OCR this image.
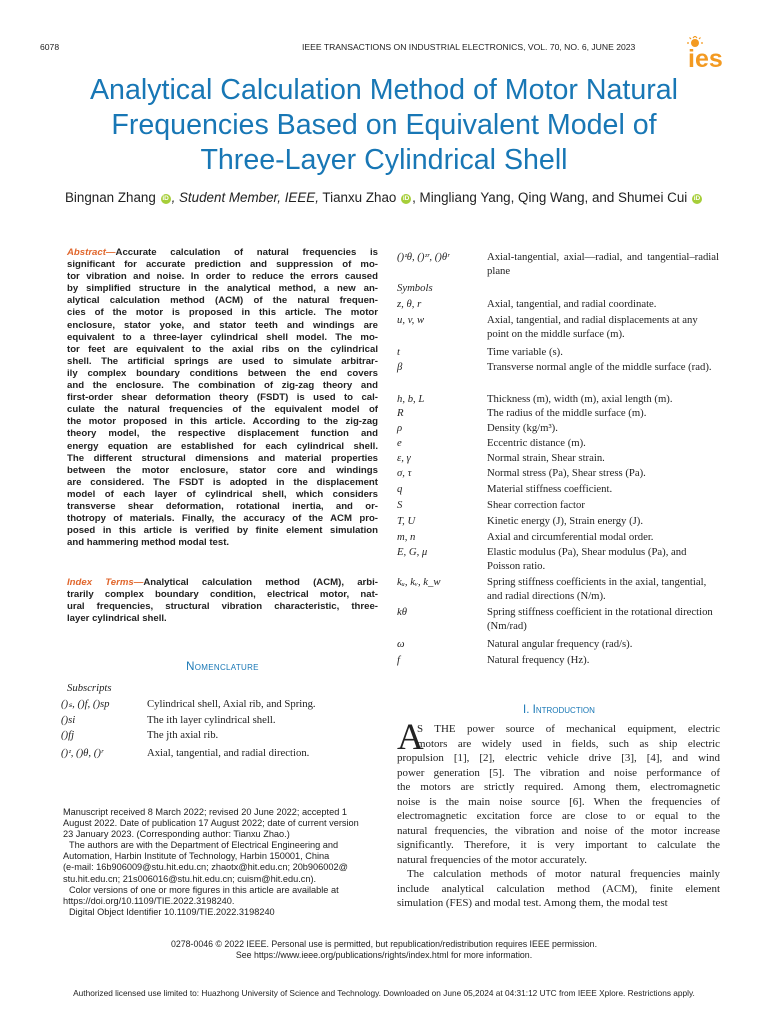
6078	IEEE TRANSACTIONS ON INDUSTRIAL ELECTRONICS, VOL. 70, NO. 6, JUNE 2023 ies
Analytical Calculation Method of Motor Natural
Frequencies Based on Equivalent Model of
Three-Layer Cylindrical Shell
Bingnan Zhang iD , Student Member, IEEE, Tianxu Zhao iD , Mingliang Yang, Qing Wang, and Shumei Cui iD
Abstract—Accurate calculation of natural frequencies is
significant for accurate prediction and suppression of mo-
tor vibration and noise. In order to reduce the errors caused
by simplified structure in the analytical method, a new an-
alytical calculation method (ACM) of the natural frequen-
cies of the motor is proposed in this article. The motor
enclosure, stator yoke, and stator teeth and windings are
equivalent to a three-layer cylindrical shell model. The mo-
tor feet are equivalent to the axial ribs on the cylindrical
shell. The artificial springs are used to simulate arbitrar-
ily complex boundary conditions between the end covers
and the enclosure. The combination of zig-zag theory and
first-order shear deformation theory (FSDT) is used to cal-
culate the natural frequencies of the equivalent model of
the motor proposed in this article. According to the zig-zag
theory model, the respective displacement function and
energy equation are established for each cylindrical shell.
The different structural dimensions and material properties
between the motor enclosure, stator core and windings
are considered. The FSDT is adopted in the displacement
model of each layer of cylindrical shell, which considers
transverse shear deformation, rotational inertia, and or-
thotropy of materials. Finally, the accuracy of the ACM pro-
posed in this article is verified by finite element simulation
and hammering method modal test.
Index Terms—Analytical calculation method (ACM), arbi-
trarily complex boundary condition, electrical motor, nat-
ural frequencies, structural vibration characteristic, three-
layer cylindrical shell.
Nomenclature
Subscripts
()ₛ, ()f, ()sp	Cylindrical shell, Axial rib, and Spring.
()si	The ith layer cylindrical shell.
()fj	The jth axial rib.
()ᶻ, ()θ, ()ʳ	Axial, tangential, and radial direction.
Manuscript received 8 March 2022; revised 20 June 2022; accepted 1
August 2022. Date of publication 17 August 2022; date of current version
23 January 2023. (Corresponding author: Tianxu Zhao.)
The authors are with the Department of Electrical Engineering and
Automation, Harbin Institute of Technology, Harbin 150001, China
(e-mail: 16b906009@stu.hit.edu.cn; zhaotx@hit.edu.cn; 20b906002@
stu.hit.edu.cn; 21s006016@stu.hit.edu.cn; cuism@hit.edu.cn).
Color versions of one or more figures in this article are available at
https://doi.org/10.1109/TIE.2022.3198240.
Digital Object Identifier 10.1109/TIE.2022.3198240
()ᶻθ, ()ᶻʳ, ()θʳ	Axial-tangential, axial—radial, and tangential–radial plane
Symbols
z, θ, r	Axial, tangential, and radial coordinate.
u, v, w	Axial, tangential, and radial displacements at any point on the middle surface (m).
t	Time variable (s).
β	Transverse normal angle of the middle surface (rad).
h, b, L	Thickness (m), width (m), axial length (m).
R	The radius of the middle surface (m).
ρ	Density (kg/m³).
e	Eccentric distance (m).
ε, γ	Normal strain, Shear strain.
σ, τ	Normal stress (Pa), Shear stress (Pa).
q	Material stiffness coefficient.
S	Shear correction factor
T, U	Kinetic energy (J), Strain energy (J).
m, n	Axial and circumferential modal order.
E, G, μ	Elastic modulus (Pa), Shear modulus (Pa), and Poisson ratio.
kᵤ, kᵥ, k_w	Spring stiffness coefficients in the axial, tangential, and radial directions (N/m).
kθ	Spring stiffness coefficient in the rotational direction (Nm/rad)
ω	Natural angular frequency (rad/s).
f	Natural frequency (Hz).
I. Introduction
A
S THE power source of mechanical equipment, electric
motors are widely used in fields, such as ship electric
propulsion [1], [2], electric vehicle drive [3], [4], and wind
power generation [5]. The vibration and noise performance of
the motors are strictly required. Among them, electromagnetic
noise is the main noise source [6]. When the frequencies of
electromagnetic excitation force are close to or equal to the
natural frequencies, the vibration and noise of the motor increase
significantly. Therefore, it is very important to calculate the
natural frequencies of the motor accurately.
The calculation methods of motor natural frequencies mainly
include analytical calculation method (ACM), finite element
simulation (FES) and modal test. Among them, the modal test
0278-0046 © 2022 IEEE. Personal use is permitted, but republication/redistribution requires IEEE permission.
See https://www.ieee.org/publications/rights/index.html for more information.
Authorized licensed use limited to: Huazhong University of Science and Technology. Downloaded on June 05,2024 at 04:31:12 UTC from IEEE Xplore. Restrictions apply.
